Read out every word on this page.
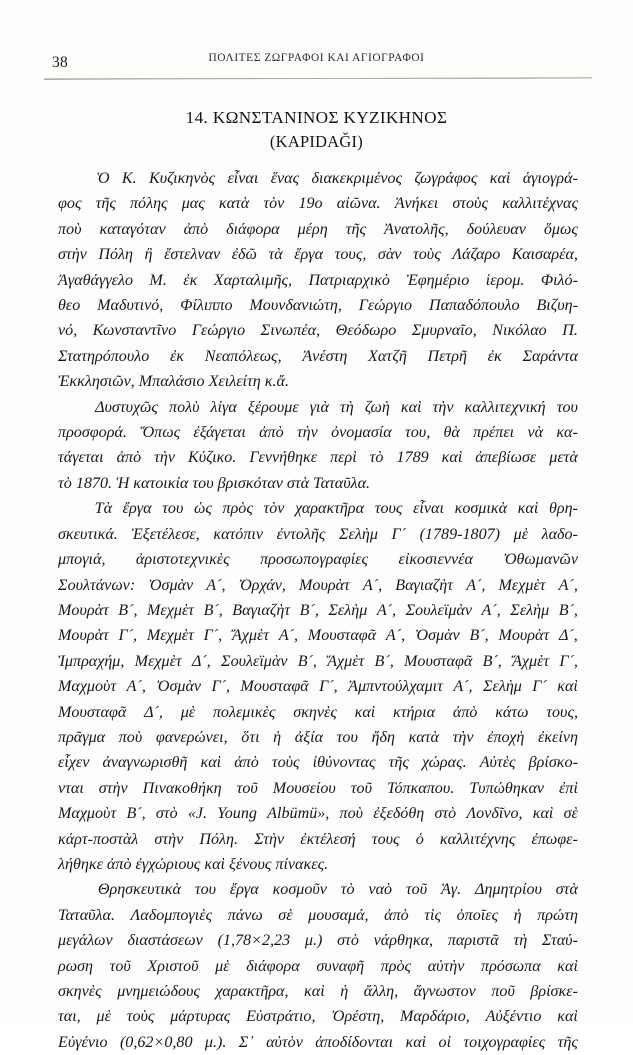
38	ΠΟΛΙΤΕΣ ΖΩΓΡΑΦΟΙ ΚΑΙ ΑΓΙΟΓΡΑΦΟΙ
14. ΚΩΝΣΤΑΝΙΝΟΣ ΚΥΖΙΚΗΝΟΣ
(ΚΑΡΙDΑĞΙ)

Ὁ Κ. Κυζικηνὸς εἶναι ἕνας διακεκριμένος ζωγράφος καὶ ἁγιογρά-
φος τῆς πόλης μας κατὰ τὸν 19ο αἰῶνα. Ἀνήκει στοὺς καλλιτέχνας
ποὺ καταγόταν ἀπὸ διάφορα μέρη τῆς Ἀνατολῆς, δούλευαν ὅμως
στὴν Πόλη ἢ ἔστελναν ἐδῶ τὰ ἔργα τους, σὰν τοὺς Λάζαρο Καισαρέα,
Ἀγαθάγγελο Μ. ἐκ Χαρταλιμῆς, Πατριαρχικὸ Ἐφημέριο ἱερομ. Φιλό-
θεο Μαδυτινό, Φίλιππο Μουνδανιώτη, Γεώργιο Παπαδόπουλο Βιζυη-
νό, Κωνσταντῖνο Γεώργιο Σινωπέα, Θεόδωρο Σμυρναῖο, Νικόλαο Π.
Στατηρόπουλο ἐκ Νεαπόλεως, Ἀνέστη Χατζῆ Πετρῆ ἐκ Σαράντα
Ἐκκλησιῶν, Μπαλάσιο Χειλείτη κ.ἄ.

Δυστυχῶς πολὺ λίγα ξέρουμε γιὰ τὴ ζωὴ καὶ τὴν καλλιτεχνική του
προσφορά. Ὅπως ἐξάγεται ἀπὸ τὴν ὀνομασία του, θὰ πρέπει νὰ κα-
τάγεται ἀπὸ τὴν Κύζικο. Γεννήθηκε περὶ τὸ 1789 καὶ ἀπεβίωσε μετὰ
τὸ 1870. Ἡ κατοικία του βρισκόταν στὰ Ταταῦλα.

Τὰ ἔργα του ὡς πρὸς τὸν χαρακτῆρα τους εἶναι κοσμικὰ καὶ θρη-
σκευτικά. Ἐξετέλεσε, κατόπιν ἐντολῆς Σελὴμ Γ´ (1789-1807) μὲ λαδο-
μπογιά, ἀριστοτεχνικὲς προσωπογραφίες εἰκοσιεννέα Ὀθωμανῶν
Σουλτάνων: Ὀσμὰν Α´, Ὀρχάν, Μουρὰτ Α´, Βαγιαζὴτ Α´, Μεχμὲτ Α´,
Μουρὰτ Β´, Μεχμὲτ Β´, Βαγιαζὴτ Β´, Σελὴμ Α´, Σουλεϊμὰν Α´, Σελὴμ Β´,
Μουρὰτ Γ´, Μεχμὲτ Γ´, Ἄχμὲτ Α´, Μουσταφᾶ Α´, Ὀσμὰν Β´, Μουρὰτ Δ´,
Ἰμπραχήμ, Μεχμὲτ Δ´, Σουλεϊμὰν Β´, Ἄχμὲτ Β´, Μουσταφᾶ Β´, Ἄχμὲτ Γ´,
Μαχμοὺτ Α´, Ὀσμὰν Γ´, Μουσταφᾶ Γ´, Ἀμπντούλχαμιτ Α´, Σελὴμ Γ´ καὶ
Μουσταφᾶ Δ´, μὲ πολεμικὲς σκηνὲς καὶ κτήρια ἀπὸ κάτω τους,
πρᾶγμα ποὺ φανερώνει, ὅτι ἡ ἀξία του ἤδη κατὰ τὴν ἐποχὴ ἐκείνη
εἶχεν ἀναγνωρισθῆ καὶ ἀπὸ τοὺς ἰθύνοντας τῆς χώρας. Αὐτὲς βρίσκο-
νται στὴν Πινακοθήκη τοῦ Μουσείου τοῦ Τόπκαπου. Τυπώθηκαν ἐπὶ
Μαχμοὺτ Β´, στὸ «J. Young Albümü», ποὺ ἐξεδόθη στὸ Λονδῖνο, καὶ σὲ
κάρτ-ποστὰλ στὴν Πόλη. Στὴν ἐκτέλεσή τους ὁ καλλιτέχνης ἐπωφε-
λήθηκε ἀπὸ ἐγχώριους καὶ ξένους πίνακες.

Θρησκευτικὰ του ἔργα κοσμοῦν τὸ ναὸ τοῦ Ἁγ. Δημητρίου στὰ
Ταταῦλα. Λαδομπογιὲς πάνω σὲ μουσαμά, ἀπὸ τὶς ὁποῖες ἡ πρώτη
μεγάλων διαστάσεων (1,78×2,23 μ.) στὸ νάρθηκα, παριστᾶ τὴ Σταύ-
ρωση τοῦ Χριστοῦ μὲ διάφορα συναφῆ πρὸς αὐτὴν πρόσωπα καὶ
σκηνὲς μνημειώδους χαρακτῆρα, καὶ ἡ ἄλλη, ἄγνωστον ποῦ βρίσκε-
ται, μὲ τοὺς μάρτυρας Εὐστράτιο, Ὀρέστη, Μαρδάριο, Αὐξέντιο καὶ
Εὐγένιο (0,62×0,80 μ.). Σ᾽ αὐτὸν ἀποδίδονται καὶ οἱ τοιχογραφίες τῆς
